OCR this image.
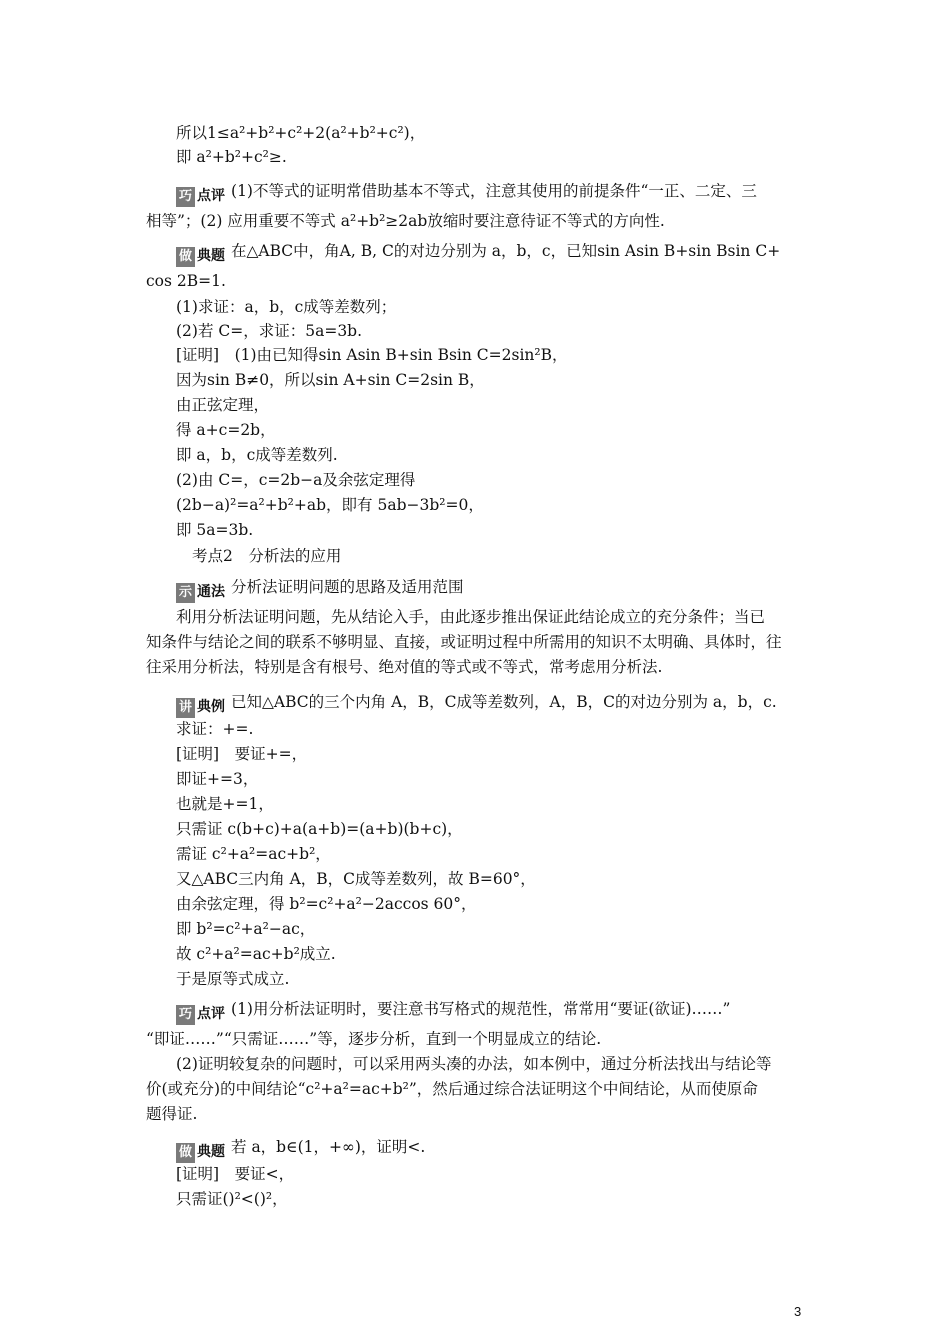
所以1≤a²+b²+c²+2(a²+b²+c²)，
即 a²+b²+c²≥.
巧 点评 (1)不等式的证明常借助基本不等式，注意其使用的前提条件“一正、二定、三
相等”；(2) 应用重要不等式 a²+b²≥2ab放缩时要注意待证不等式的方向性.
做 典题 在△ABC中，角A, B, C的对边分别为 a，b，c，已知sin Asin B+sin Bsin C+
cos 2B=1.
(1)求证：a，b，c成等差数列；
(2)若 C=，求证：5a=3b.
[证明]　(1)由已知得sin Asin B+sin Bsin C=2sin²B，
因为sin B≠0，所以sin A+sin C=2sin B，
由正弦定理，
得 a+c=2b，
即 a，b，c成等差数列.
(2)由 C=，c=2b−a及余弦定理得
(2b−a)²=a²+b²+ab，即有 5ab−3b²=0，
即 5a=3b.
考点2　分析法的应用
示 通法 分析法证明问题的思路及适用范围
利用分析法证明问题，先从结论入手，由此逐步推出保证此结论成立的充分条件；当已
知条件与结论之间的联系不够明显、直接，或证明过程中所需用的知识不太明确、具体时，往
往采用分析法，特别是含有根号、绝对值的等式或不等式，常考虑用分析法.
讲 典例 已知△ABC的三个内角 A，B，C成等差数列，A，B，C的对边分别为 a，b，c.
求证：+=.
[证明]　要证+=，
即证+=3，
也就是+=1，
只需证 c(b+c)+a(a+b)=(a+b)(b+c)，
需证 c²+a²=ac+b²，
又△ABC三内角 A，B，C成等差数列，故 B=60°，
由余弦定理，得 b²=c²+a²−2accos 60°，
即 b²=c²+a²−ac，
故 c²+a²=ac+b²成立.
于是原等式成立.
巧 点评 (1)用分析法证明时，要注意书写格式的规范性，常常用“要证(欲证)……”
“即证……”“只需证……”等，逐步分析，直到一个明显成立的结论.
(2)证明较复杂的问题时，可以采用两头凑的办法，如本例中，通过分析法找出与结论等
价(或充分)的中间结论“c²+a²=ac+b²”，然后通过综合法证明这个中间结论，从而使原命
题得证.
做 典题 若 a，b∈(1，+∞)，证明<.
[证明]　要证<，
只需证()²<()²，
3
